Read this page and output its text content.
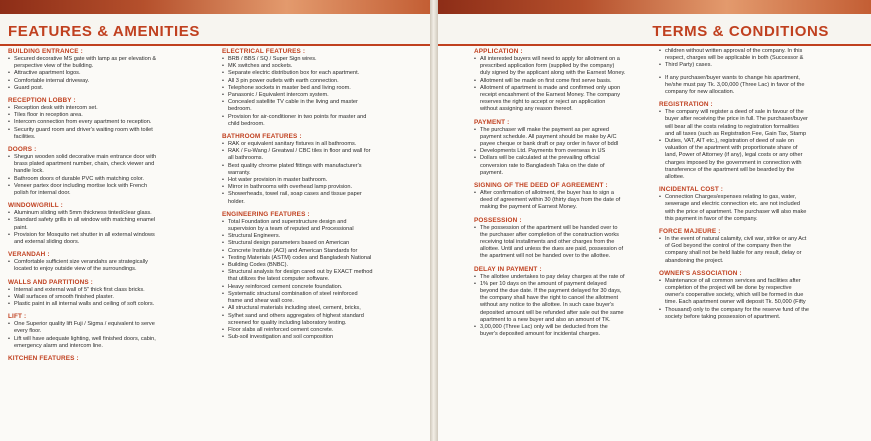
FEATURES & AMENITIES
BUILDING ENTRANCE :
• Secured decorative MS gate with lamp as per elevation &
perspective view of the building.
• Attractive apartment logos.
• Comfortable internal driveway.
• Guard post.
RECEPTION LOBBY :
• Reception desk with intercom set.
• Tiles floor in reception area.
• Intercom connection from every apartment to reception.
• Security guard room and driver's waiting room with toilet
facilities.
DOORS :
• Shegun wooden solid decorative main entrance door with
brass plated apartment number, chain, check viewer and
handle lock.
• Bathroom doors of durable PVC with matching color.
• Veneer partex door including mortise lock with French
polish for internal door.
WINDOW/GRILL :
• Aluminum sliding with 5mm thickness tinted/clear glass.
• Standard safety grills in all window with matching enamel
paint.
• Provision for Mosquito net shutter in all external windows
and external sliding doors.
VERANDAH :
• Comfortable sufficient size verandahs are strategically
located to enjoy outside view of the surroundings.
WALLS AND PARTITIONS :
• Internal and external wall of 5" thick first class bricks.
• Wall surfaces of smooth finished plaster.
• Plastic paint in all internal walls and ceiling of soft colors.
LIFT :
• One Superior quality lift Fuji / Sigma / equivalent to serve
every floor.
• Lift will have adequate lighting, well finished doors, cabin,
emergency alarm and intercom line.
KITCHEN FEATURES :
ELECTRICAL FEATURES :
• BRB / BBS / SQ / Super Sign wires.
• MK switches and sockets.
• Separate electric distribution box for each apartment.
• All 3 pin power outlets with earth connection.
• Telephone sockets in master bed and living room.
• Panasonic / Equivalent intercom system.
• Concealed satellite TV cable in the living and master
bedroom.
• Provision for air-conditioner in two points for master and
child bedroom.
BATHROOM FEATURES :
• RAK or equivalent sanitary fixtures in all bathrooms.
• RAK / Fu-Wang / Greatwal / CBC tiles in floor and wall for
all bathrooms.
• Best quality chrome plated fittings with manufacturer's
warranty.
• Hot water provision in master bathroom.
• Mirror in bathrooms with overhead lamp provision.
• Showerheads, towel rail, soap cases and tissue paper
holder.
ENGINEERING FEATURES :
• Total Foundation and superstructure design and
supervision by a team of reputed and Processional
• Structural Engineers.
• Structural design parameters based on American
• Concrete Institute (ACI) and American Standards for
• Testing Materials (ASTM) codes and Bangladesh National
• Building Codes (BNBC).
• Structural analysis for design cared out by EXACT method
that utilizes the latest computer software.
• Heavy reinforced cement concrete foundation.
• Systematic structural combination of steel reinforced
frame and shear wall core.
• All structural materials including steel, cement, bricks,
• Sylhet sand and others aggregates of highest standard
screened for quality including laboratory testing.
• Floor slabs all reinforced cement concrete.
• Sub-soil investigation and soil composition
TERMS & CONDITIONS
APPLICATION :
• All interested buyers will need to apply for allotment on a
prescribed application form (supplied by the company)
duly signed by the applicant along with the Earnest Money.
• Allotment will be made on first come first serve basis.
• Allotment of apartment is made and confirmed only upon
receipt encashment of the Earnest Money. The company
reserves the right to accept or reject an application
without assigning any reason thereof.
PAYMENT :
• The purchaser will make the payment as per agreed
payment schedule. All payment should be make by A/C
payee cheque or bank draft or pay order in favor of bddl
• Developments Ltd. Payments from overseas in US
• Dollars will be calculated at the prevailing official
conversion rate to Bangladesh Taka on the date of
payment.
SIGNING OF THE DEED OF AGREEMENT :
• After confirmation of allotment, the buyer has to sign a
deed of agreement within 30 (thirty days from the date of
making the payment of Earnest Money.
POSSESSION :
• The possession of the apartment will be handed over to
the purchaser after completion of the construction works
receiving total installments and other charges from the
allottee. Until and unless the dues are paid, possession of
the apartment will not be handed over to the allottee.
DELAY IN PAYMENT :
• The allottee undertakes to pay delay charges at the rate of
• 1% per 10 days on the amount of payment delayed
beyond the due date. If the payment delayed for 30 days,
the company shall have the right to cancel the allotment
without any notice to the allottee. In such case buyer's
deposited amount will be refunded after sale out the same
apartment to a new buyer and also an amount of TK.
• 3,00,000 (Three Lac) only will be deducted from the
buyer's deposited amount for incidental charges.
• children without written approval of the company. In this
respect, charges will be applicable in both (Successor &
• Third Party) cases.
• If any purchaser/buyer wants to change his apartment,
he/she must pay Tk. 3,00,000 (Three Lac) in favor of the
company for new allocation.
REGISTRATION :
• The company will register a deed of sale in favour of the
buyer after receiving the price in full. The purchaser/buyer
will bear all the costs relating to registration formalities
and all taxes (such as Registration Fee, Gain Tax, Stamp
• Duties, VAT, AIT etc.), registration of deed of sale on
valuation of the apartment with proportionate share of
land, Power of Attorney (if any), legal costs or any other
charges imposed by the government in connection with
transference of the apartment will be bearded by the
allottee.
INCIDENTAL COST :
• Connection Charges/expenses relating to gas, water,
sewerage and electric connection etc. are not included
with the price of apartment. The purchaser will also make
this payment in favor of the company.
FORCE MAJEURE :
• In the event of natural calamity, civil war, strike or any Act
of God beyond the control of the company then the
company shall not be held liable for any result, delay or
abandoning the project.
OWNER'S ASSOCIATION :
• Maintenance of all common services and facilities after
completion of the project will be done by respective
owner's cooperative society, which will be formed in due
time. Each apartment owner will deposit Tk. 50,000 (Fifty
• Thousand) only to the company for the reserve fund of the
society before taking possession of apartment.
